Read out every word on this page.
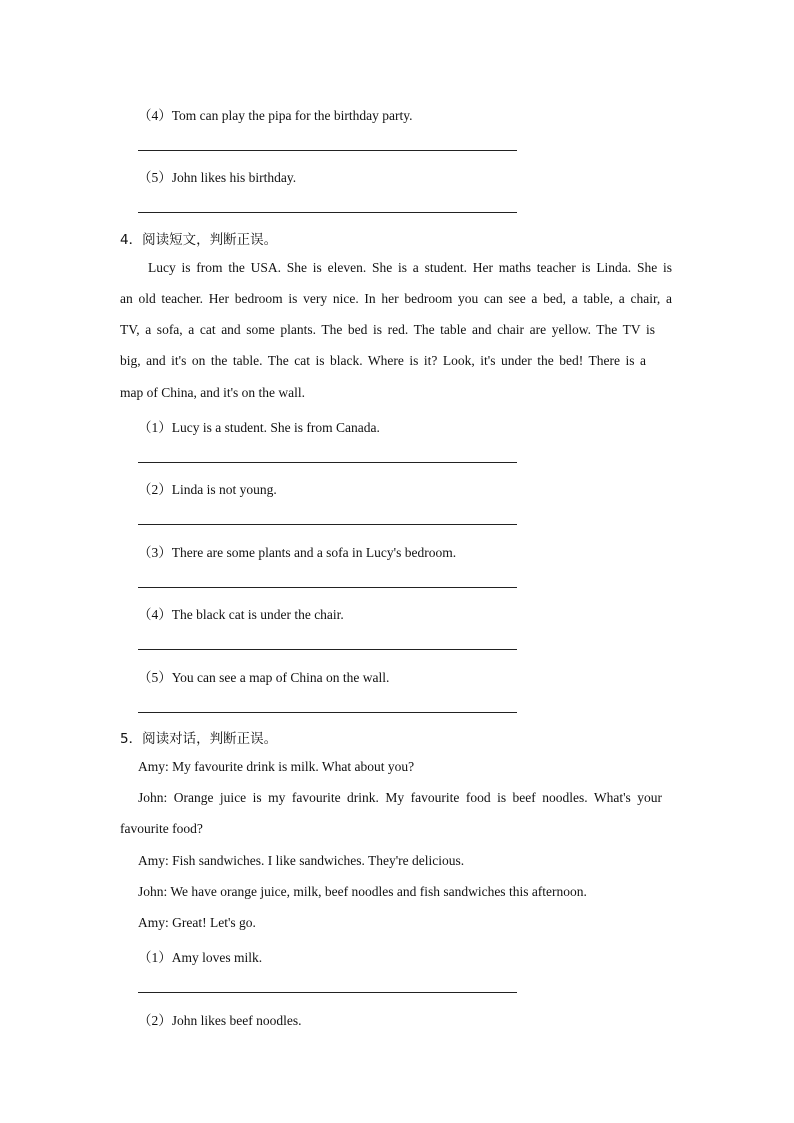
（4）Tom can play the pipa for the birthday party.
（5）John likes his birthday.
4．阅读短文，判断正误。
Lucy is from the USA. She is eleven. She is a student. Her maths teacher is Linda. She is
an old teacher. Her bedroom is very nice. In her bedroom you can see a bed, a table, a chair, a
TV, a sofa, a cat and some plants. The bed is red. The table and chair are yellow. The TV is
big, and it's on the table. The cat is black. Where is it? Look, it's under the bed! There is a
map of China, and it's on the wall.
（1）Lucy is a student. She is from Canada.
（2）Linda is not young.
（3）There are some plants and a sofa in Lucy's bedroom.
（4）The black cat is under the chair.
（5）You can see a map of China on the wall.
5．阅读对话，判断正误。
Amy: My favourite drink is milk. What about you?
John: Orange juice is my favourite drink. My favourite food is beef noodles. What's your
favourite food?
Amy: Fish sandwiches. I like sandwiches. They're delicious.
John: We have orange juice, milk, beef noodles and fish sandwiches this afternoon.
Amy: Great! Let's go.
（1）Amy loves milk.
（2）John likes beef noodles.
